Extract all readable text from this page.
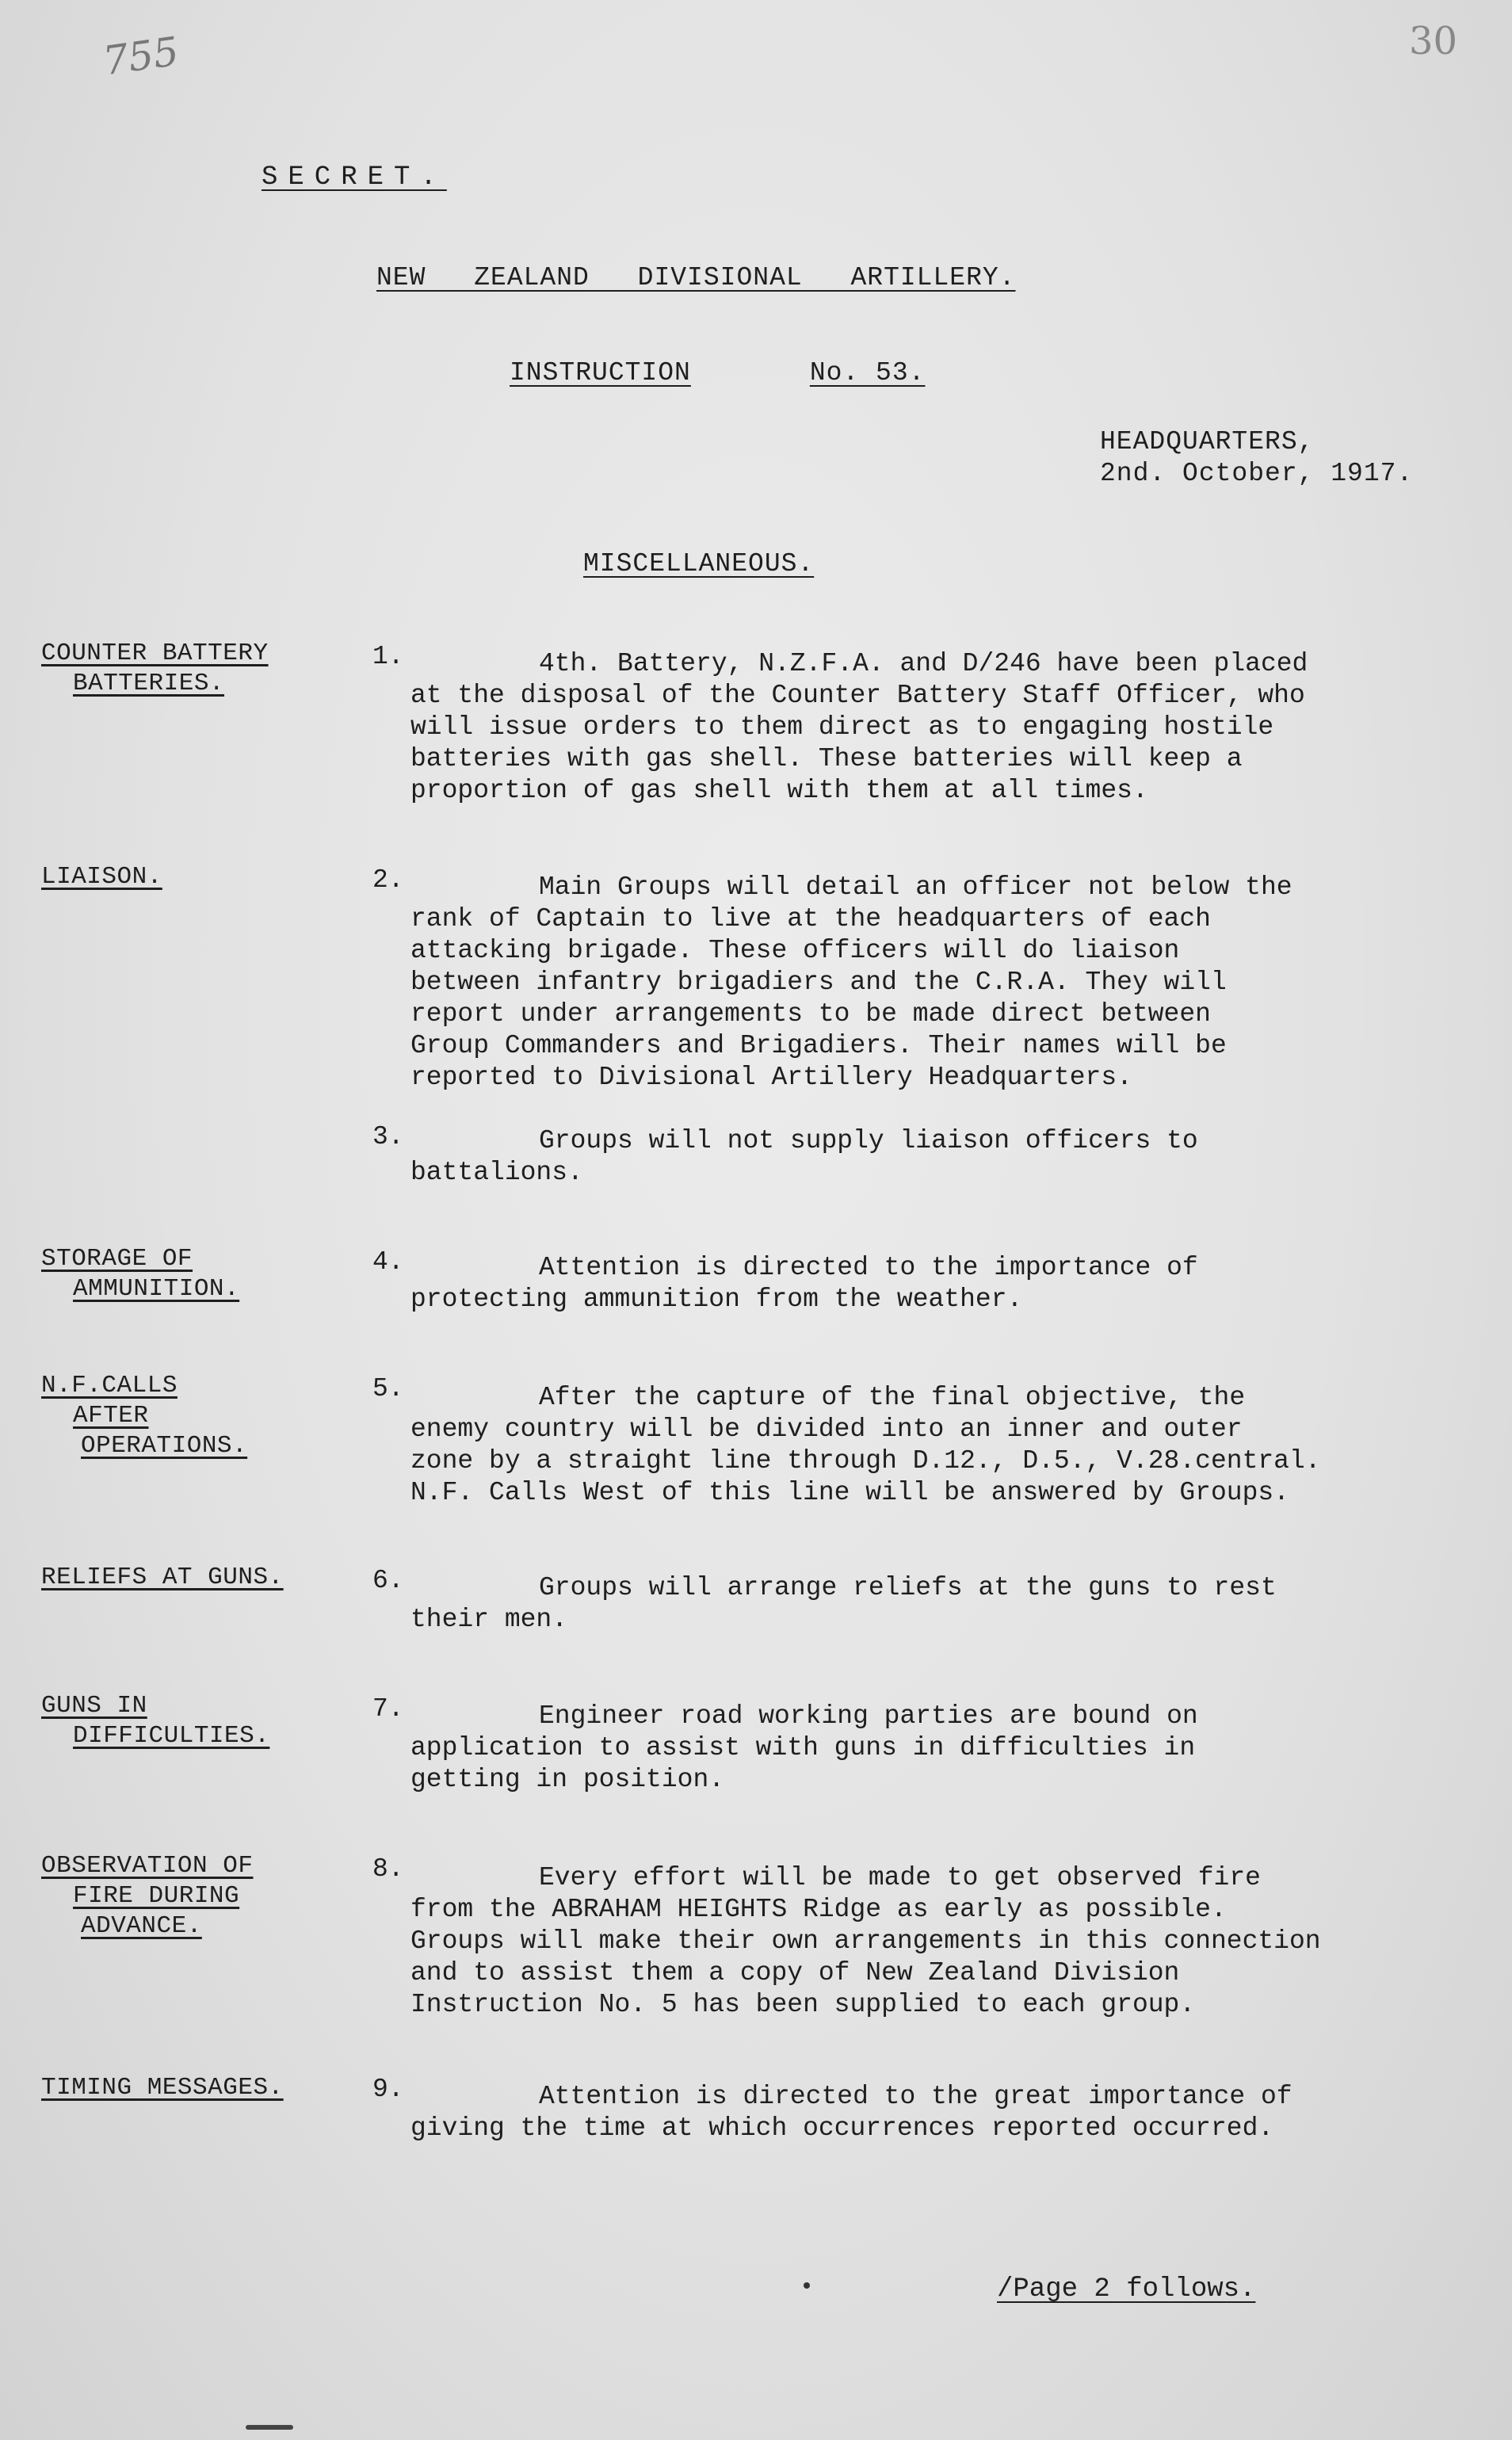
755	30
SECRET.
NEW ZEALAND DIVISIONAL ARTILLERY.
INSTRUCTION	No. 53.
HEADQUARTERS,
2nd. October, 1917.
MISCELLANEOUS.
COUNTER BATTERY
BATTERIES.
1.	4th. Battery, N.Z.F.A. and D/246 have been placed

at the disposal of the Counter Battery Staff Officer, who

will issue orders to them direct as to engaging hostile

batteries with gas shell. These batteries will keep a

proportion of gas shell with them at all times.

LIAISON.	2.	Main Groups will detail an officer not below the

rank of Captain to live at the headquarters of each

attacking brigade. These officers will do liaison

between infantry brigadiers and the C.R.A. They will

report under arrangements to be made direct between

Group Commanders and Brigadiers. Their names will be

reported to Divisional Artillery Headquarters.

3.	Groups will not supply liaison officers to

battalions.

STORAGE OF
AMMUNITION.
4.	Attention is directed to the importance of

protecting ammunition from the weather.

N.F.CALLS
AFTER
OPERATIONS.
5.	After the capture of the final objective, the

enemy country will be divided into an inner and outer

zone by a straight line through D.12., D.5., V.28.central.

N.F. Calls West of this line will be answered by Groups.

RELIEFS AT GUNS.	6.	Groups will arrange reliefs at the guns to rest

their men.

GUNS IN
DIFFICULTIES.
7.	Engineer road working parties are bound on

application to assist with guns in difficulties in

getting in position.

OBSERVATION OF
FIRE DURING
ADVANCE.
8.	Every effort will be made to get observed fire

from the ABRAHAM HEIGHTS Ridge as early as possible.

Groups will make their own arrangements in this connection

and to assist them a copy of New Zealand Division

Instruction No. 5 has been supplied to each group.

TIMING MESSAGES.	9.	Attention is directed to the great importance of

giving the time at which occurrences reported occurred.

/Page 2 follows.
